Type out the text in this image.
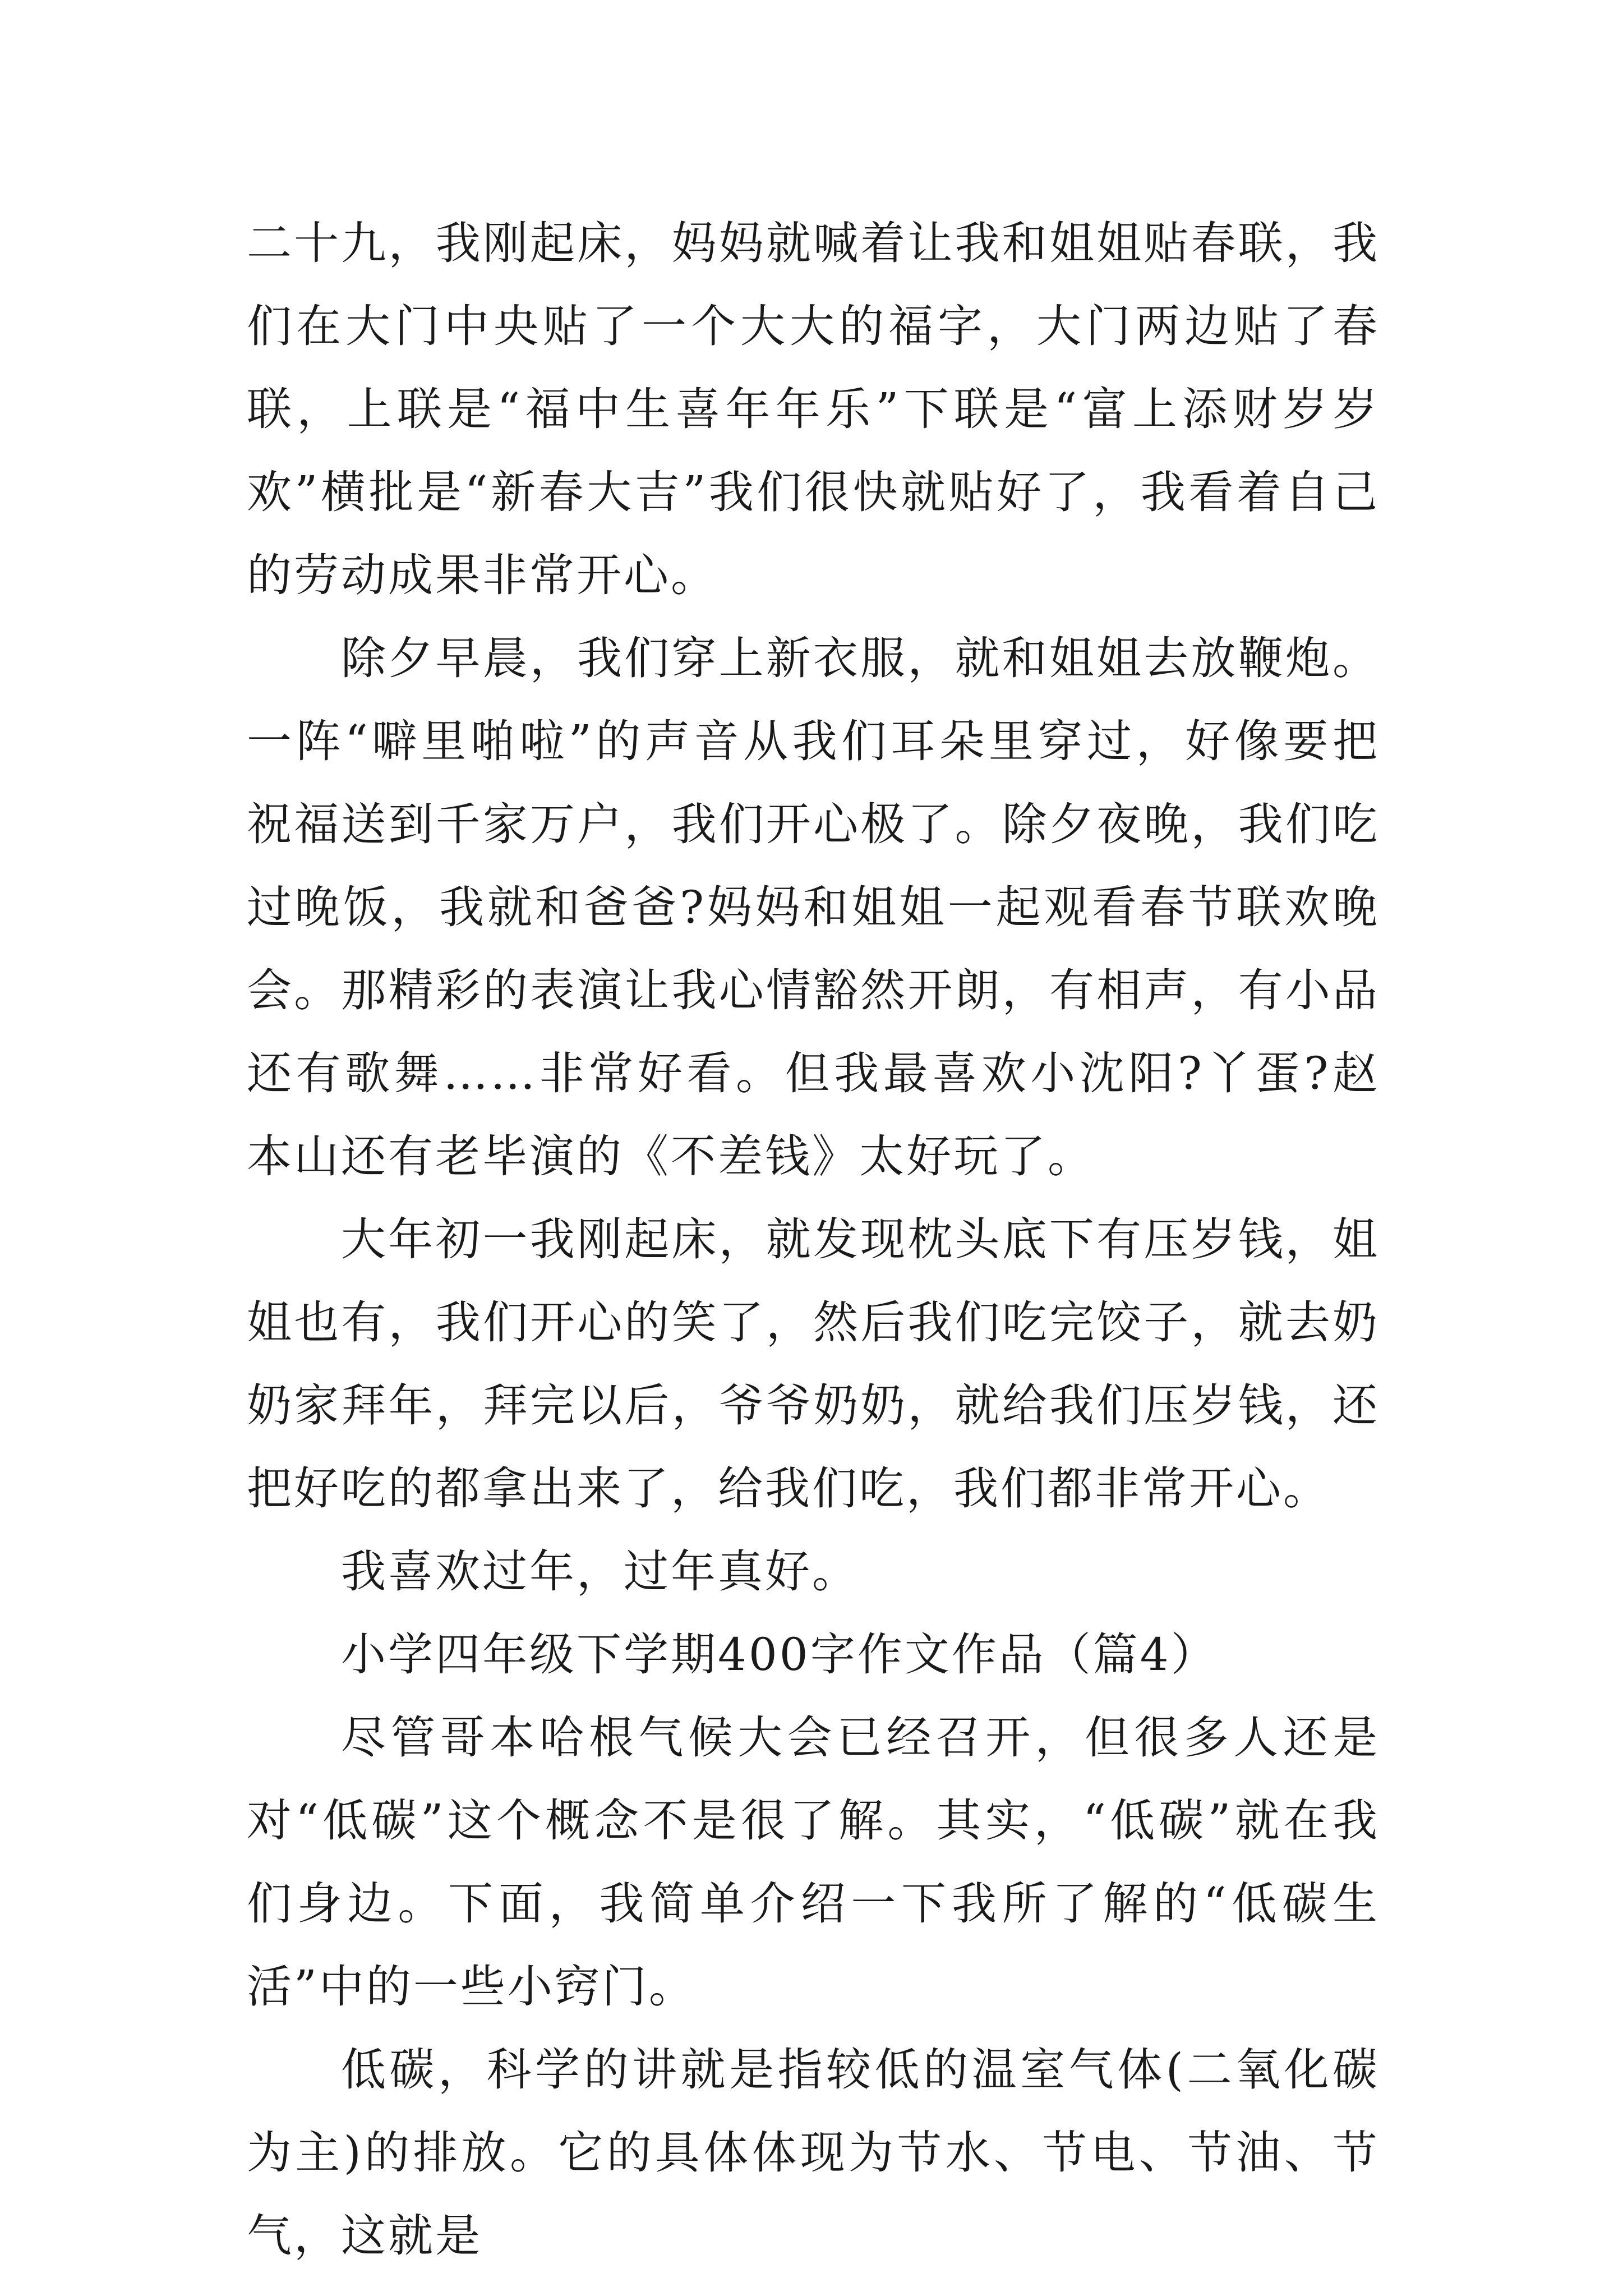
二十九，我刚起床，妈妈就喊着让我和姐姐贴春联，我们在大门中央贴了一个大大的福字，大门两边贴了春联，上联是“福中生喜年年乐”下联是“富上添财岁岁欢”横批是“新春大吉”我们很快就贴好了，我看着自己的劳动成果非常开心。

除夕早晨，我们穿上新衣服，就和姐姐去放鞭炮。一阵“噼里啪啦”的声音从我们耳朵里穿过，好像要把祝福送到千家万户，我们开心极了。除夕夜晚，我们吃过晚饭，我就和爸爸?妈妈和姐姐一起观看春节联欢晚会。那精彩的表演让我心情豁然开朗，有相声，有小品还有歌舞……非常好看。但我最喜欢小沈阳?丫蛋?赵本山还有老毕演的《不差钱》太好玩了。

大年初一我刚起床，就发现枕头底下有压岁钱，姐姐也有，我们开心的笑了，然后我们吃完饺子，就去奶奶家拜年，拜完以后，爷爷奶奶，就给我们压岁钱，还把好吃的都拿出来了，给我们吃，我们都非常开心。

我喜欢过年，过年真好。

小学四年级下学期400字作文作品（篇4）

尽管哥本哈根气候大会已经召开，但很多人还是对“低碳”这个概念不是很了解。其实，“低碳”就在我们身边。下面，我简单介绍一下我所了解的“低碳生活”中的一些小窍门。

低碳，科学的讲就是指较低的温室气体(二氧化碳为主)的排放。它的具体体现为节水、节电、节油、节气，这就是
